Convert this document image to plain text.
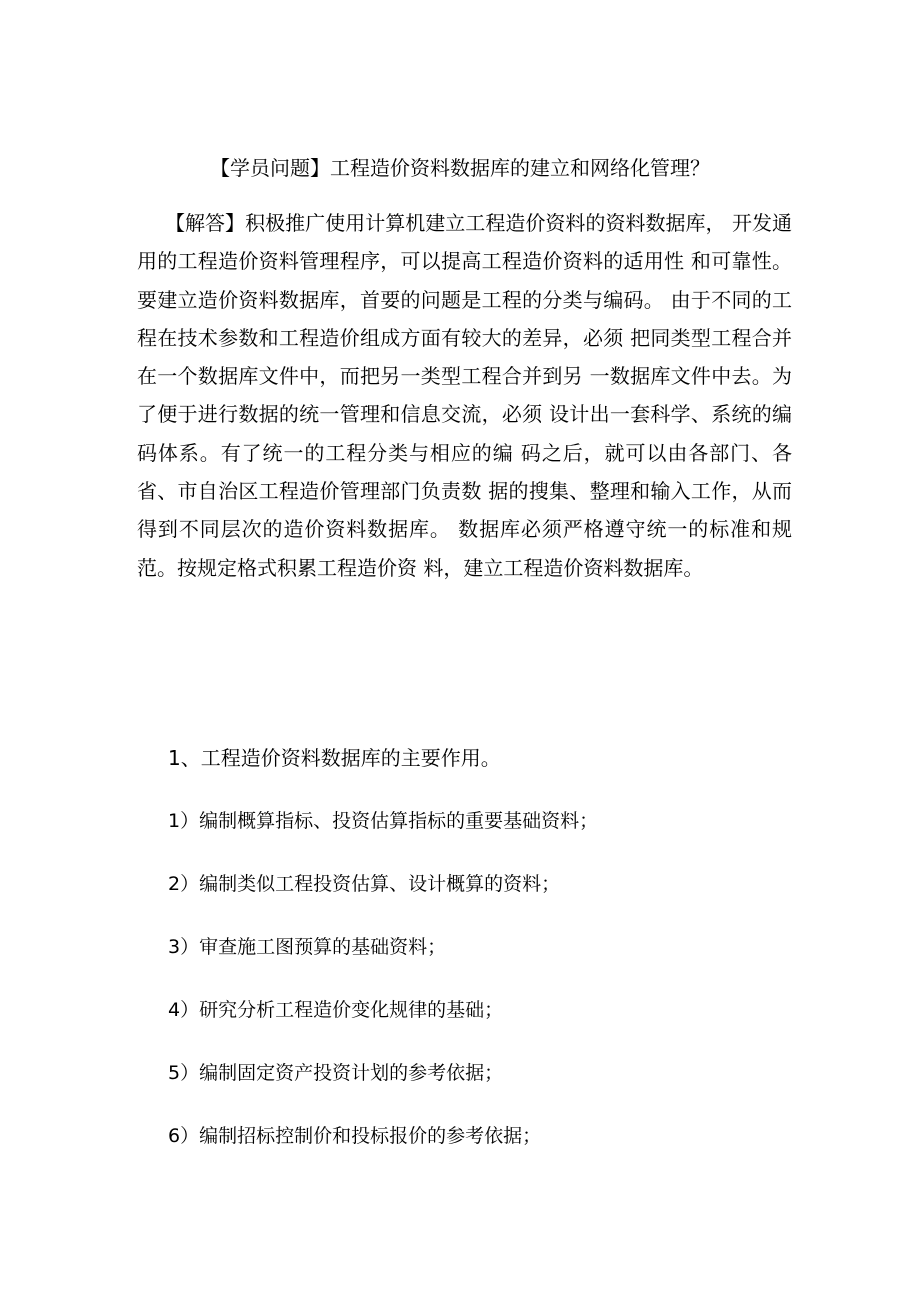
【学员问题】工程造价资料数据库的建立和网络化管理？

【解答】积极推广使用计算机建立工程造价资料的资料数据库， 开发通用的工程造价资料管理程序，可以提高工程造价资料的适用性 和可靠性。要建立造价资料数据库，首要的问题是工程的分类与编码。 由于不同的工程在技术参数和工程造价组成方面有较大的差异，必须 把同类型工程合并在一个数据库文件中，而把另一类型工程合并到另 一数据库文件中去。为了便于进行数据的统一管理和信息交流，必须 设计出一套科学、系统的编码体系。有了统一的工程分类与相应的编 码之后，就可以由各部门、各省、市自治区工程造价管理部门负责数 据的搜集、整理和输入工作，从而得到不同层次的造价资料数据库。 数据库必须严格遵守统一的标准和规范。按规定格式积累工程造价资 料，建立工程造价资料数据库。

1、工程造价资料数据库的主要作用。
1）编制概算指标、投资估算指标的重要基础资料；
2）编制类似工程投资估算、设计概算的资料；
3）审查施工图预算的基础资料；
4）研究分析工程造价变化规律的基础；
5）编制固定资产投资计划的参考依据；
6）编制招标控制价和投标报价的参考依据；
